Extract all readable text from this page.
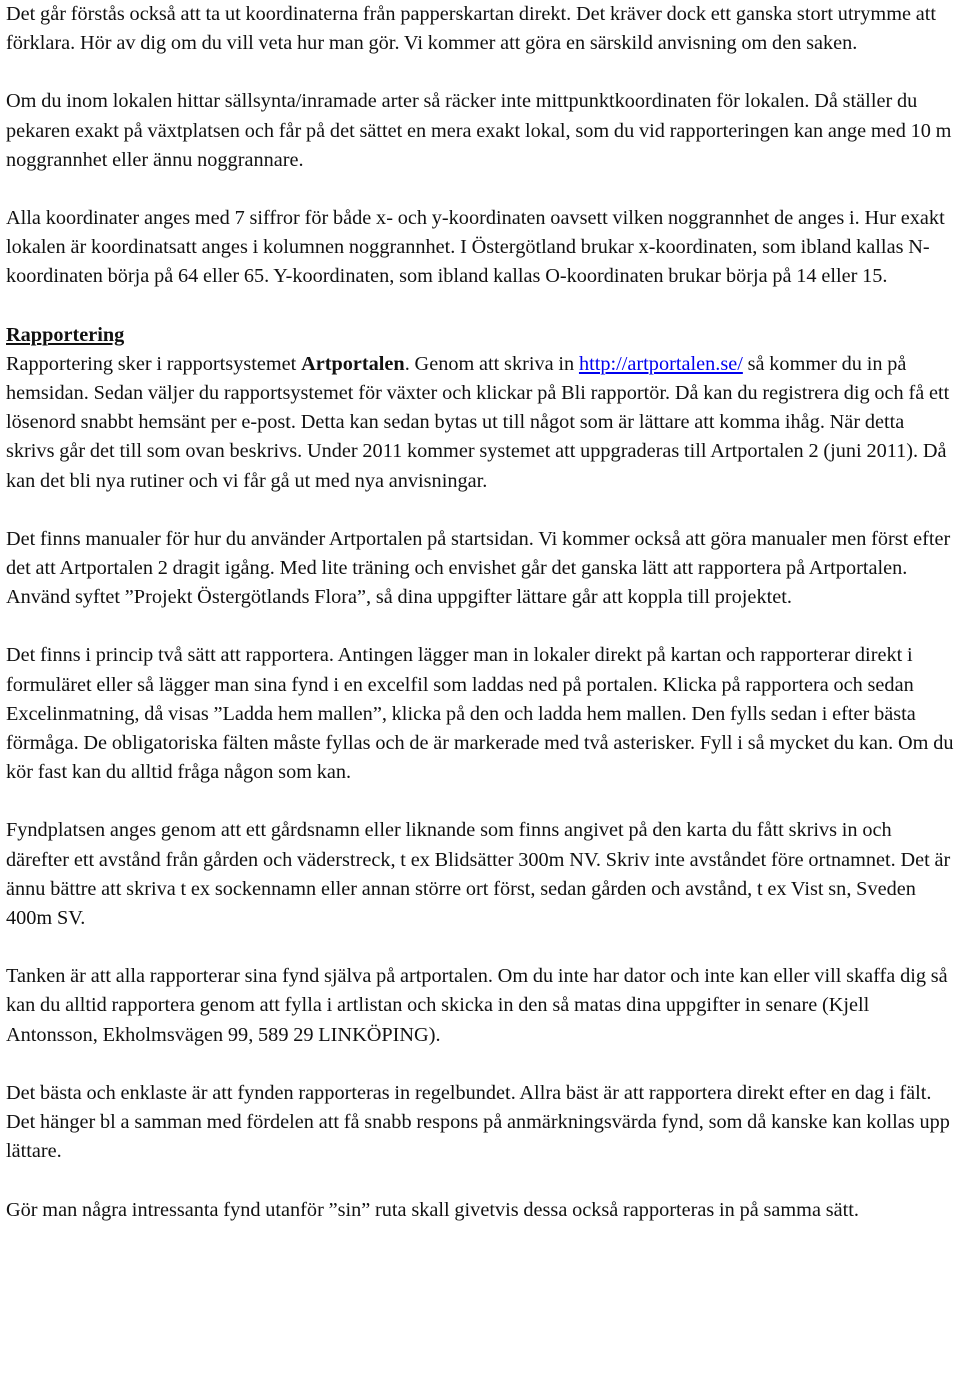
Det går förstås också att ta ut koordinaterna från papperskartan direkt. Det kräver dock ett ganska stort utrymme att förklara. Hör av dig om du vill veta hur man gör. Vi kommer att göra en särskild anvisning om den saken.

Om du inom lokalen hittar sällsynta/inramade arter så räcker inte mittpunktkoordinaten för lokalen. Då ställer du pekaren exakt på växtplatsen och får på det sättet en mera exakt lokal, som du vid rapporteringen kan ange med 10 m noggrannhet eller ännu noggrannare.

Alla koordinater anges med 7 siffror för både x- och y-koordinaten oavsett vilken noggrannhet de anges i. Hur exakt lokalen är koordinatsatt anges i kolumnen noggrannhet. I Östergötland brukar x-koordinaten, som ibland kallas N-koordinaten börja på 64 eller 65. Y-koordinaten, som ibland kallas O-koordinaten brukar börja på 14 eller 15.

Rapportering
Rapportering sker i rapportsystemet Artportalen. Genom att skriva in http://artportalen.se/ så kommer du in på hemsidan. Sedan väljer du rapportsystemet för växter och klickar på Bli rapportör. Då kan du registrera dig och få ett lösenord snabbt hemsänt per e-post. Detta kan sedan bytas ut till något som är lättare att komma ihåg. När detta skrivs går det till som ovan beskrivs. Under 2011 kommer systemet att uppgraderas till Artportalen 2 (juni 2011). Då kan det bli nya rutiner och vi får gå ut med nya anvisningar.

Det finns manualer för hur du använder Artportalen på startsidan. Vi kommer också att göra manualer men först efter det att Artportalen 2 dragit igång. Med lite träning och envishet går det ganska lätt att rapportera på Artportalen. Använd syftet ”Projekt Östergötlands Flora”, så dina uppgifter lättare går att koppla till projektet.

Det finns i princip två sätt att rapportera. Antingen lägger man in lokaler direkt på kartan och rapporterar direkt i formuläret eller så lägger man sina fynd i en excelfil som laddas ned på portalen. Klicka på rapportera och sedan Excelinmatning, då visas ”Ladda hem mallen”, klicka på den och ladda hem mallen. Den fylls sedan i efter bästa förmåga. De obligatoriska fälten måste fyllas och de är markerade med två asterisker. Fyll i så mycket du kan. Om du kör fast kan du alltid fråga någon som kan.

Fyndplatsen anges genom att ett gårdsnamn eller liknande som finns angivet på den karta du fått skrivs in och därefter ett avstånd från gården och väderstreck, t ex Blidsätter 300m NV. Skriv inte avståndet före ortnamnet. Det är ännu bättre att skriva t ex sockennamn eller annan större ort först, sedan gården och avstånd, t ex Vist sn, Sveden 400m SV.

Tanken är att alla rapporterar sina fynd själva på artportalen. Om du inte har dator och inte kan eller vill skaffa dig så kan du alltid rapportera genom att fylla i artlistan och skicka in den så matas dina uppgifter in senare (Kjell Antonsson, Ekholmsvägen 99, 589 29 LINKÖPING).

Det bästa och enklaste är att fynden rapporteras in regelbundet. Allra bäst är att rapportera direkt efter en dag i fält. Det hänger bl a samman med fördelen att få snabb respons på anmärkningsvärda fynd, som då kanske kan kollas upp lättare.

Gör man några intressanta fynd utanför ”sin” ruta skall givetvis dessa också rapporteras in på samma sätt.
